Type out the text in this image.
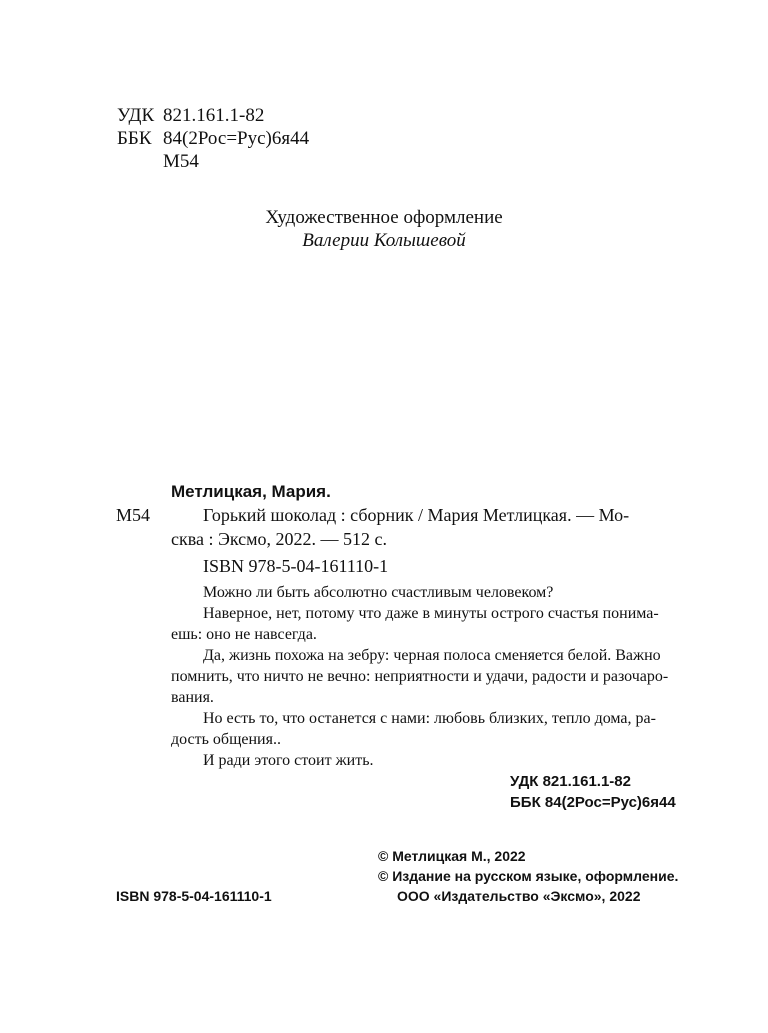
УДК 821.161.1-82
ББК 84(2Рос=Рус)6я44
М54
Художественное оформление
Валерии Колышевой
Метлицкая, Мария.
М54	Горький шоколад : сборник / Мария Метлицкая. — Мо-
сква : Эксмо, 2022. — 512 с.
ISBN 978-5-04-161110-1
Можно ли быть абсолютно счастливым человеком?
Наверное, нет, потому что даже в минуты острого счастья понима-
ешь: оно не навсегда.
Да, жизнь похожа на зебру: черная полоса сменяется белой. Важно
помнить, что ничто не вечно: неприятности и удачи, радости и разочаро-
вания.
Но есть то, что останется с нами: любовь близких, тепло дома, ра-
дость общения..
И ради этого стоит жить.
УДК 821.161.1-82
ББК 84(2Рос=Рус)6я44
ISBN 978-5-04-161110-1
© Метлицкая М., 2022
© Издание на русском языке, оформление.
ООО «Издательство «Эксмо», 2022
